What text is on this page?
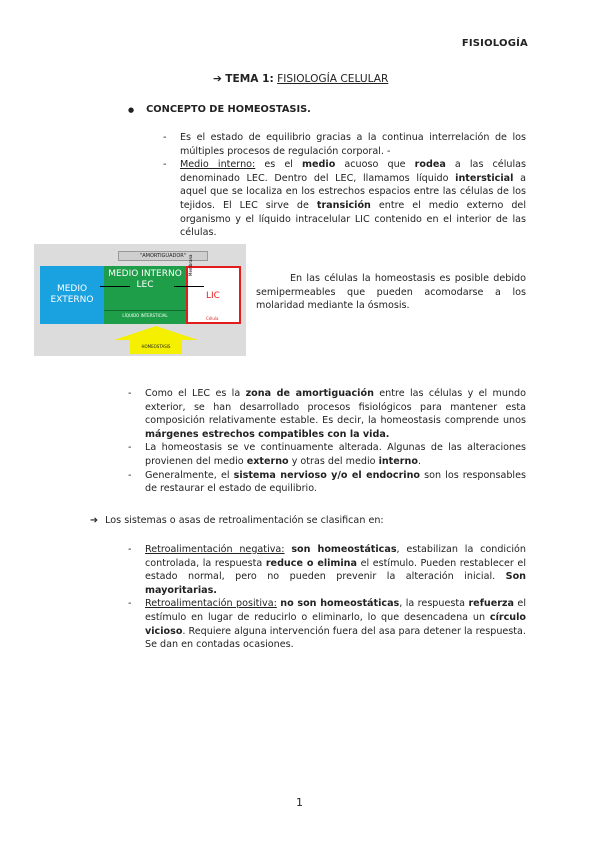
FISIOLOGÍA
➔ TEMA 1: FISIOLOGÍA CELULAR
● CONCEPTO DE HOMEOSTASIS.
- Es el estado de equilibrio gracias a la continua interrelación de los múltiples procesos de regulación corporal. -
- Medio interno: es el medio acuoso que rodea a las células denominado LEC. Dentro del LEC, llamamos líquido intersticial a aquel que se localiza en los estrechos espacios entre las células de los tejidos. El LEC sirve de transición entre el medio externo del organismo y el líquido intracelular LIC contenido en el interior de las células.
"AMORTIGUADOR"
MEDIO EXTERNO
MEDIO INTERNO LEC
LÍQUIDO INTERSTICIAL
LIC
Célula
Membrana
HOMEOSTASIS
En las células la homeostasis es posible debido semipermeables que pueden acomodarse a los molaridad mediante la ósmosis.
- Como el LEC es la zona de amortiguación entre las células y el mundo exterior, se han desarrollado procesos fisiológicos para mantener esta composición relativamente estable. Es decir, la homeostasis comprende unos márgenes estrechos compatibles con la vida.
- La homeostasis se ve continuamente alterada. Algunas de las alteraciones provienen del medio externo y otras del medio interno.
- Generalmente, el sistema nervioso y/o el endocrino son los responsables de restaurar el estado de equilibrio.
➔ Los sistemas o asas de retroalimentación se clasifican en:
- Retroalimentación negativa: son homeostáticas, estabilizan la condición controlada, la respuesta reduce o elimina el estímulo. Pueden restablecer el estado normal, pero no pueden prevenir la alteración inicial. Son mayoritarias.
- Retroalimentación positiva: no son homeostáticas, la respuesta refuerza el estímulo en lugar de reducirlo o eliminarlo, lo que desencadena un círculo vicioso. Requiere alguna intervención fuera del asa para detener la respuesta. Se dan en contadas ocasiones.
1
